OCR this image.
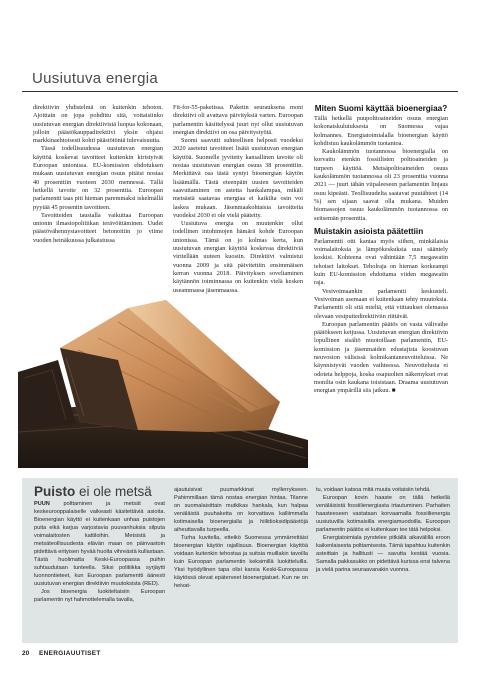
Uusiutuva energia

direktiivin yhdistelmä on kuitenkin tehoton. Ajoittain on jopa pohdittu sitä, voitaisiinko uusiutuvan energian direktiivistä luopua kokonaan, jolloin päästökauppadirektiivi yksin ohjaisi markkinaehtoisesti kohti päästötöntä tulevaisuutta.

Tässä todellisuudessa uusiutuvan energian käyttöä koskevat tavoitteet kuitenkin kiristyivät Euroopan unionissa. EU-komission ehdotuksen mukaan uusiutuvan energian osuus pitäisi nostaa 40 prosenttiin vuoteen 2030 mennessä. Tällä hetkellä tavoite on 32 prosenttia. Euroopan parlamentti taas piti hieman paremmaksi iskelmällä pyytää 45 prosentin tavoitteen.

Tavoitteiden taustalla vaikuttaa Euroopan unionin ilmastopolitiikan terävöittäminen. Uudet päästövähennystavoitteet betonoitiin jo viime vuoden heinäkuussa julkaistussa

Fit-for-55-paketissa. Paketin seurauksena moni direktiivi oli avattava päivityksiä varten. Euroopan parlamentin käsittelyssä juuri nyt ollut uusiutuvan energian direktiivi on osa päivitystyötä.

Suomi saavutti suhteellisen helposti vuodeksi 2020 asetetut tavoitteet lisätä uusiutuvan energian käyttöä. Suomelle jyvitetty kansallinen tavoite oli nostaa uusiutuvan energian osuus 38 prosenttiin. Merkittävä osa tästä syntyi bioenergian käytön lisäämällä. Tästä eteenpäin uusien tavoitteiden saavuttaminen on astetta hankalampaa, mikäli metsästä saatavaa energiaa ei kaikilta osin voi laskea mukaan. Jäsenmaakohtaisia tavoitteita vuodeksi 2030 ei ole vielä päätetty.

Uusiutuva energia on muutenkin ollut todellinen intohimojen hämärä kohde Euroopan unionissa. Tämä on jo kolmas kerta, kun uusiutuvan energian käyttöä koskevaa direktiiviä viritellään uuteen kuosiin. Direktiivi valmistui vuonna 2009 ja sitä päivitettiin ensimmäisen kerran vuonna 2018. Päivityksen soveltaminen käytännön toiminnassa on kuitenkin vielä kesken useammassa jäsenmaassa.

Miten Suomi käyttää bioenergiaa?

Tällä hetkellä puupolttoaineiden osuus energian kokonaiskulutuksesta on Suomessa vajaa kolmannes. Energiatoimialalla bioenergian käyttö kohdistuu kaukolämmön tuotantoa.

Kaukolämmön tuotannossa bioenergialla on korvattu etenkin fossiilisten polttoaineiden ja turpeen käyttöä. Metsäpolttoaineiden osuus kaukolämmön tuotannossa oli 23 prosenttia vuonna 2021 — juuri tähän viipaleeseen parlamentin linjaus osuu kipeästi. Teollisuudelta saatavat puutähteet (14 %) sen sijaan saavat olla mukana. Muiden biomassojen osuus kaukolämmön tuotannossa on seitsemän prosenttia.

Muistakin asioista päätettiin

Parlamentti otti kantaa myös siihen, minkälaisia voimalaitoksia ja lämpökeskuksia uusi sääntely koskisi. Kohteena ovat vähintään 7,5 megawatin tehoiset laitokset. Teholraja on hieman korkeampi kuin EU-komission ehdottama viiden megawatin raja.

Vesivoimaankin parlamentti keskusteli. Vesivoiman asemaan ei kuitenkaan tehty muutoksia. Parlamentti oli sitä mieltä, että viittaukset olemassa olevaan vesipuitedirektiiviin riittävät.

Euroopan parlamentin päätös on vasta välivaihe päätökseen ketjussa. Uusiutuvan energian direktiivin lopullinen sisältö muotoillaan parlamentin, EU-komission ja jäsenmaiden edustajista koostuvan neuvoston välisissä kolmikantaneuvotteluissa. Ne käynnistyvät vuoden vaihteessa. Neuvottelusta ei odoteta helppoja, koska osapuolten näkemykset ovat monilta osin kaukana toisistaan. Draama uusiutuvan energian ympärillä siis jatkuu. ■

Puisto ei ole metsä

PUUN polttaminen ja metsät ovat keskeurooppalaiselle vaikeasti käsitettäviä asioita. Bioenergian käyttö ei kuitenkaan unhaa puistojen puita eikä karjua varjostavia puuvanhuksia silputa voimalaitosten kattiloihin. Metsistä ja metsäteollisuudesta elävän maan on päinvastoin pidettävä erityisen hyvää huolta vihreästä kullastaan. Tästä huolimatta Keski-Euroopassa puihin suhtaudutaan tunteella. Siksi politiikka syrjäytti luonnontieteet, kun Euroopan parlamentti äänesti uusiutuvan energian direktiivin muutoksista (RED).

Jos bioenergia luokiteltaisiin Euroopan parlamentin nyt hahmottelemalla tavalla,

ajautuisivat puumarkkinat myllerrykseen. Pahimmillaan tämä nostaa energian hintaa. Tilanne on suomalaisittain mutkikas hankala, kun halpaa venäläistä puuhaketta on korvattava kalliimmalla kotimaisella bioenergialla ja hiilidioksidipäästöjä aiheuttavalla turpeella.

Turha kuvitella, etteikö Suomessa ymmärrettäisi bioenergian käytön rajallisuus. Bioenergian käyttöä voidaan kuitenkin tehostaa ja suitsia muillakin tavoilla kuin Euroopan parlamentin keksimillä luokitteluilla. Yksi hyödyllinen tapa olisi karsia Keski-Euroopassa käytössä olevat epäterveet bioenergiatuet. Kun ne on heivat-

tu, voidaan katsoa mitä muuta voitaisiin tehdä.

Euroopan kovin haaste on tällä hetkellä venäläisistä fossiilienergiasta irtautuminen. Parhaiten haasteeseen vastataan korvaamalla fossiilienergia uusiutuvilla kotimaisilla energiamuodoilla. Euroopan parlamentin päätös ei kuitenkaan tee tätä helpoksi.

Energiatoimiala pyrstelee pitkällä aikavälillä eroon kaikenlaisesta polttamisesta. Tämä tapahtuu kuitenkin asteittain ja hallitusti — savutta kestää vuosia. Samalla pakkasukko on pidettävä kurissa ensi talvena ja vielä parina seuraavanakin vuonna.

20 ENERGIAUUTISET
